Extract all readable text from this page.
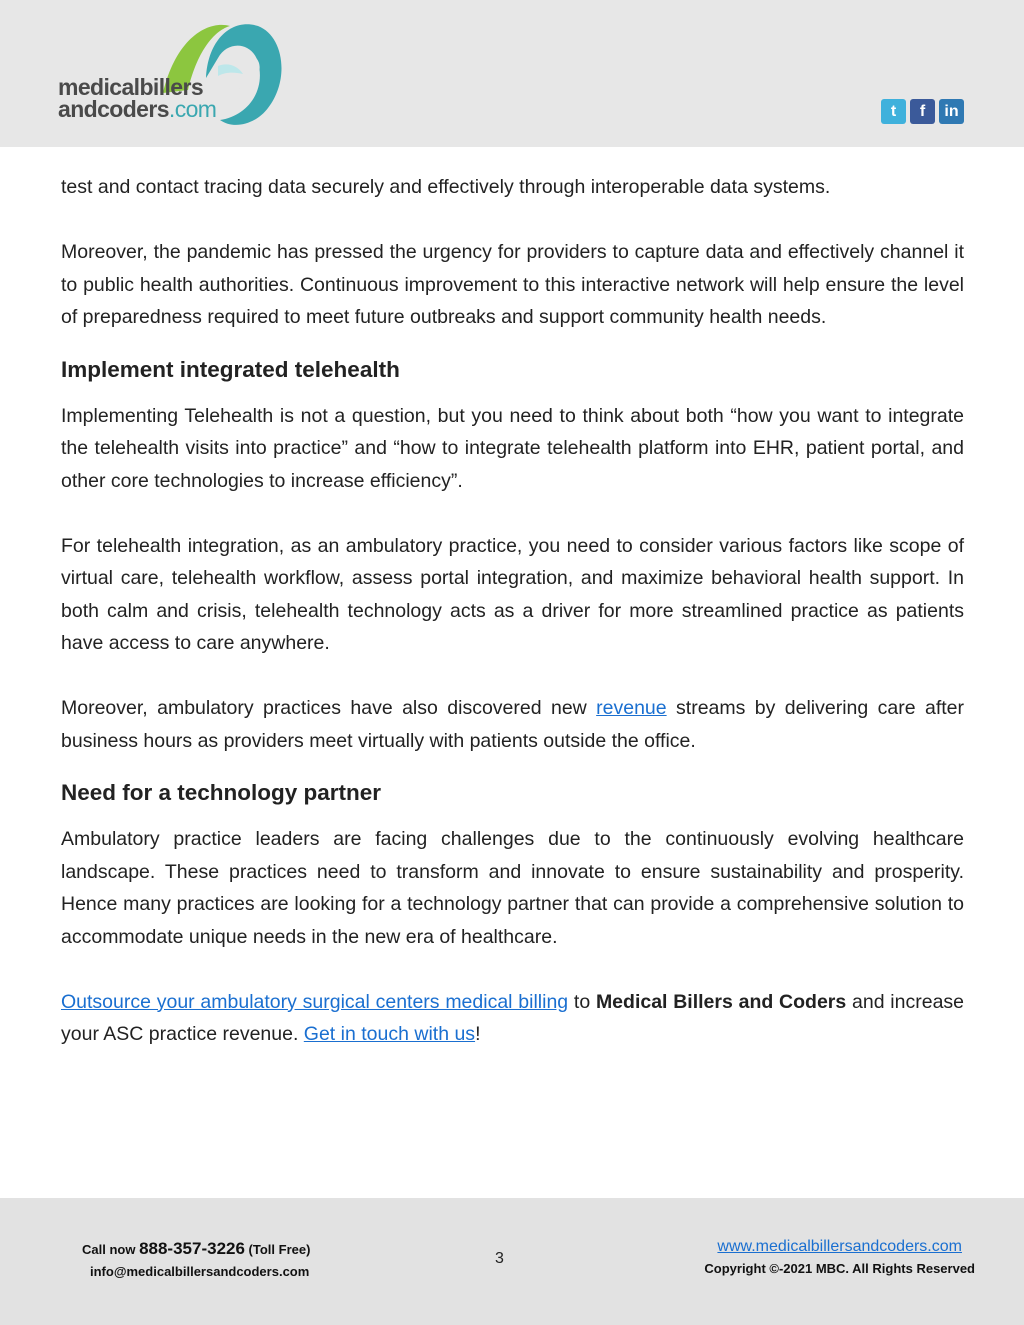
medicalbillers
andcoders.com	t	f	in

test and contact tracing data securely and effectively through interoperable data systems.

Moreover, the pandemic has pressed the urgency for providers to capture data and effectively channel it to public health authorities. Continuous improvement to this interactive network will help ensure the level of preparedness required to meet future outbreaks and support community health needs.

Implement integrated telehealth

Implementing Telehealth is not a question, but you need to think about both “how you want to integrate the telehealth visits into practice” and “how to integrate telehealth platform into EHR, patient portal, and other core technologies to increase efficiency”.

For telehealth integration, as an ambulatory practice, you need to consider various factors like scope of virtual care, telehealth workflow, assess portal integration, and maximize behavioral health support. In both calm and crisis, telehealth technology acts as a driver for more streamlined practice as patients have access to care anywhere.

Moreover, ambulatory practices have also discovered new revenue streams by delivering care after business hours as providers meet virtually with patients outside the office.

Need for a technology partner

Ambulatory practice leaders are facing challenges due to the continuously evolving healthcare landscape. These practices need to transform and innovate to ensure sustainability and prosperity. Hence many practices are looking for a technology partner that can provide a comprehensive solution to accommodate unique needs in the new era of healthcare.

Outsource your ambulatory surgical centers medical billing to Medical Billers and Coders and increase your ASC practice revenue. Get in touch with us!

Call now 888-357-3226 (Toll Free)
info@medicalbillersandcoders.com
3
www.medicalbillersandcoders.com
Copyright ©-2021 MBC. All Rights Reserved
